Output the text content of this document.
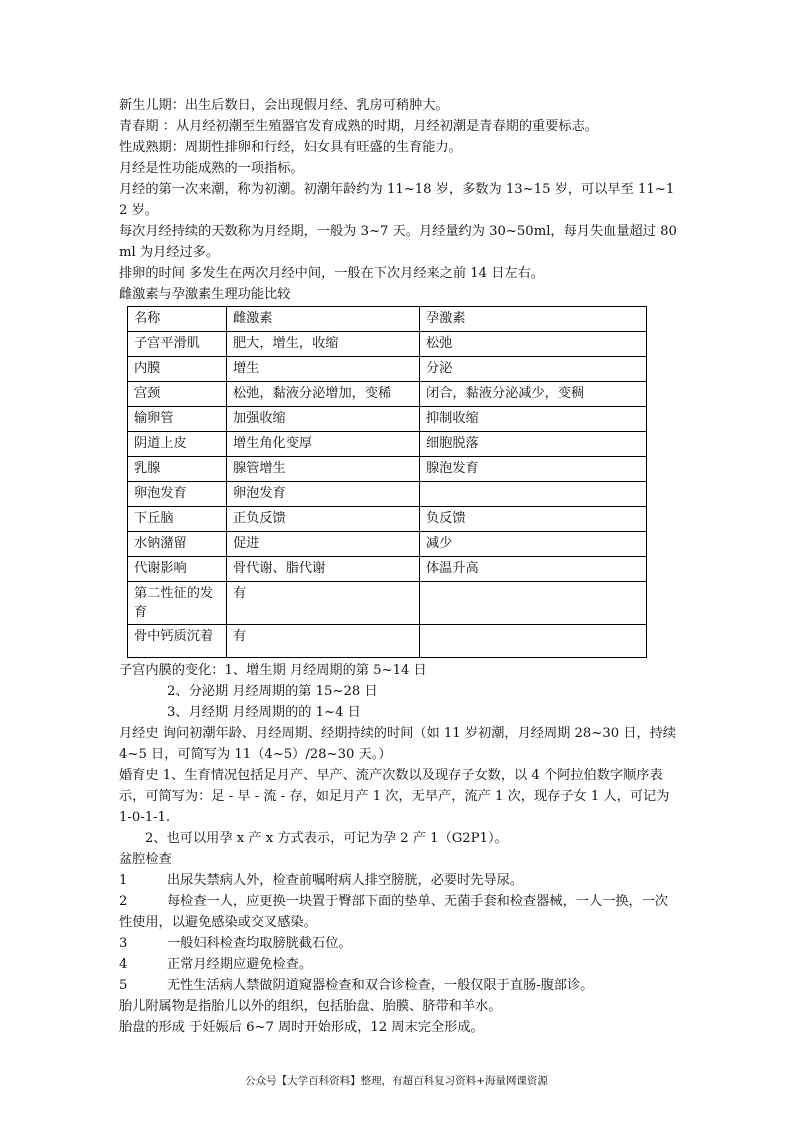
新生儿期：出生后数日，会出现假月经、乳房可稍肿大。
青春期 ：从月经初潮至生殖器官发育成熟的时期，月经初潮是青春期的重要标志。
性成熟期：周期性排卵和行经，妇女具有旺盛的生育能力。
月经是性功能成熟的一项指标。
月经的第一次来潮，称为初潮。初潮年龄约为 11~18 岁，多数为 13~15 岁，可以早至 11~12 岁。
每次月经持续的天数称为月经期，一般为 3~7 天。月经量约为 30~50ml，每月失血量超过 80ml 为月经过多。
排卵的时间 多发生在两次月经中间，一般在下次月经来之前 14 日左右。
雌激素与孕激素生理功能比较
名称	雌激素	孕激素
子宫平滑肌	肥大，增生，收缩	松弛
内膜	增生	分泌
宫颈	松弛，黏液分泌增加，变稀	闭合，黏液分泌减少，变稠
输卵管	加强收缩	抑制收缩
阴道上皮	增生角化变厚	细胞脱落
乳腺	腺管增生	腺泡发育
卵泡发育	卵泡发育	
下丘脑	正负反馈	负反馈
水钠潴留	促进	减少
代谢影响	骨代谢、脂代谢	体温升高
第二性征的发育	有	
骨中钙质沉着	有	
子宫内膜的变化：1、增生期 月经周期的第 5~14 日
2、分泌期 月经周期的第 15~28 日
3、月经期 月经周期的的 1~4 日
月经史 询问初潮年龄、月经周期、经期持续的时间（如 11 岁初潮，月经周期 28~30 日，持续 4~5 日，可简写为 11（4~5）/28~30 天。）
婚育史 1、生育情况包括足月产、早产、流产次数以及现存子女数，以 4 个阿拉伯数字顺序表示，可简写为：足 - 早 - 流 - 存，如足月产 1 次，无早产，流产 1 次，现存子女 1 人，可记为 1-0-1-1.
2、也可以用孕 x 产 x 方式表示，可记为孕 2 产 1（G2P1）。
盆腔检查
1	出尿失禁病人外，检查前嘱咐病人排空膀胱，必要时先导尿。
2	每检查一人，应更换一块置于臀部下面的垫单、无菌手套和检查器械，一人一换，一次性使用，以避免感染或交叉感染。
3	一般妇科检查均取膀胱截石位。
4	正常月经期应避免检查。
5	无性生活病人禁做阴道窥器检查和双合诊检查，一般仅限于直肠-腹部诊。
胎儿附属物是指胎儿以外的组织，包括胎盘、胎膜、脐带和羊水。
胎盘的形成 于妊娠后 6~7 周时开始形成，12 周末完全形成。
公众号【大学百科资料】整理，有超百科复习资料+海量网课资源
